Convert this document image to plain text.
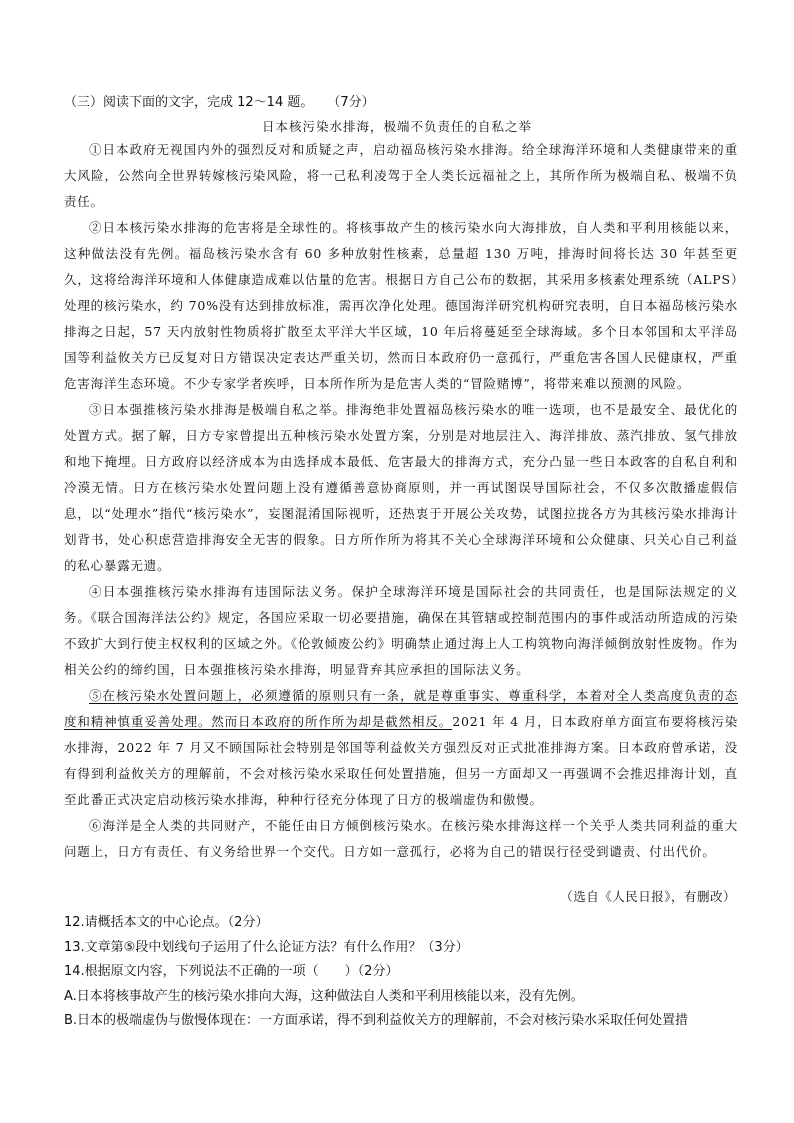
（三）阅读下面的文字，完成 12～14 题。 （7分）
日本核污染水排海，极端不负责任的自私之举

①日本政府无视国内外的强烈反对和质疑之声，启动福岛核污染水排海。给全球海洋环境和人类健康带来的重大风险，公然向全世界转嫁核污染风险，将一己私利凌驾于全人类长远福祉之上，其所作所为极端自私、极端不负责任。

②日本核污染水排海的危害将是全球性的。将核事故产生的核污染水向大海排放，自人类和平利用核能以来，这种做法没有先例。福岛核污染水含有 60 多种放射性核素，总量超 130 万吨，排海时间将长达 30 年甚至更久，这将给海洋环境和人体健康造成难以估量的危害。根据日方自己公布的数据，其采用多核素处理系统（ALPS）处理的核污染水，约 70%没有达到排放标准，需再次净化处理。德国海洋研究机构研究表明，自日本福岛核污染水排海之日起，57 天内放射性物质将扩散至太平洋大半区域，10 年后将蔓延至全球海域。多个日本邻国和太平洋岛国等利益攸关方已反复对日方错误决定表达严重关切，然而日本政府仍一意孤行，严重危害各国人民健康权，严重危害海洋生态环境。不少专家学者疾呼，日本所作所为是危害人类的“冒险赌博”，将带来难以预测的风险。

③日本强推核污染水排海是极端自私之举。排海绝非处置福岛核污染水的唯一选项，也不是最安全、最优化的处置方式。据了解，日方专家曾提出五种核污染水处置方案，分别是对地层注入、海洋排放、蒸汽排放、氢气排放和地下掩埋。日方政府以经济成本为由选择成本最低、危害最大的排海方式，充分凸显一些日本政客的自私自利和冷漠无情。日方在核污染水处置问题上没有遵循善意协商原则，并一再试图误导国际社会，不仅多次散播虚假信息，以“处理水”指代“核污染水”，妄图混淆国际视听，还热衷于开展公关攻势，试图拉拢各方为其核污染水排海计划背书，处心积虑营造排海安全无害的假象。日方所作所为将其不关心全球海洋环境和公众健康、只关心自己利益的私心暴露无遗。

④日本强推核污染水排海有违国际法义务。保护全球海洋环境是国际社会的共同责任，也是国际法规定的义务。《联合国海洋法公约》规定，各国应采取一切必要措施，确保在其管辖或控制范围内的事件或活动所造成的污染不致扩大到行使主权权利的区域之外。《伦敦倾废公约》明确禁止通过海上人工构筑物向海洋倾倒放射性废物。作为相关公约的缔约国，日本强推核污染水排海，明显背弃其应承担的国际法义务。

⑤在核污染水处置问题上，必须遵循的原则只有一条，就是尊重事实、尊重科学，本着对全人类高度负责的态度和精神慎重妥善处理。然而日本政府的所作所为却是截然相反。2021 年 4 月，日本政府单方面宣布要将核污染水排海，2022 年 7 月又不顾国际社会特别是邻国等利益攸关方强烈反对正式批准排海方案。日本政府曾承诺，没有得到利益攸关方的理解前，不会对核污染水采取任何处置措施，但另一方面却又一再强调不会推迟排海计划，直至此番正式决定启动核污染水排海，种种行径充分体现了日方的极端虚伪和傲慢。

⑥海洋是全人类的共同财产，不能任由日方倾倒核污染水。在核污染水排海这样一个关乎人类共同利益的重大问题上，日方有责任、有义务给世界一个交代。日方如一意孤行，必将为自己的错误行径受到谴责、付出代价。

（选自《人民日报》，有删改）
12.请概括本文的中心论点。（2分）
13.文章第⑤段中划线句子运用了什么论证方法？有什么作用？（3分）
14.根据原文内容，下列说法不正确的一项（　　）（2分）
A.日本将核事故产生的核污染水排向大海，这种做法自人类和平利用核能以来，没有先例。
B.日本的极端虚伪与傲慢体现在：一方面承诺，得不到利益攸关方的理解前，不会对核污染水采取任何处置措
